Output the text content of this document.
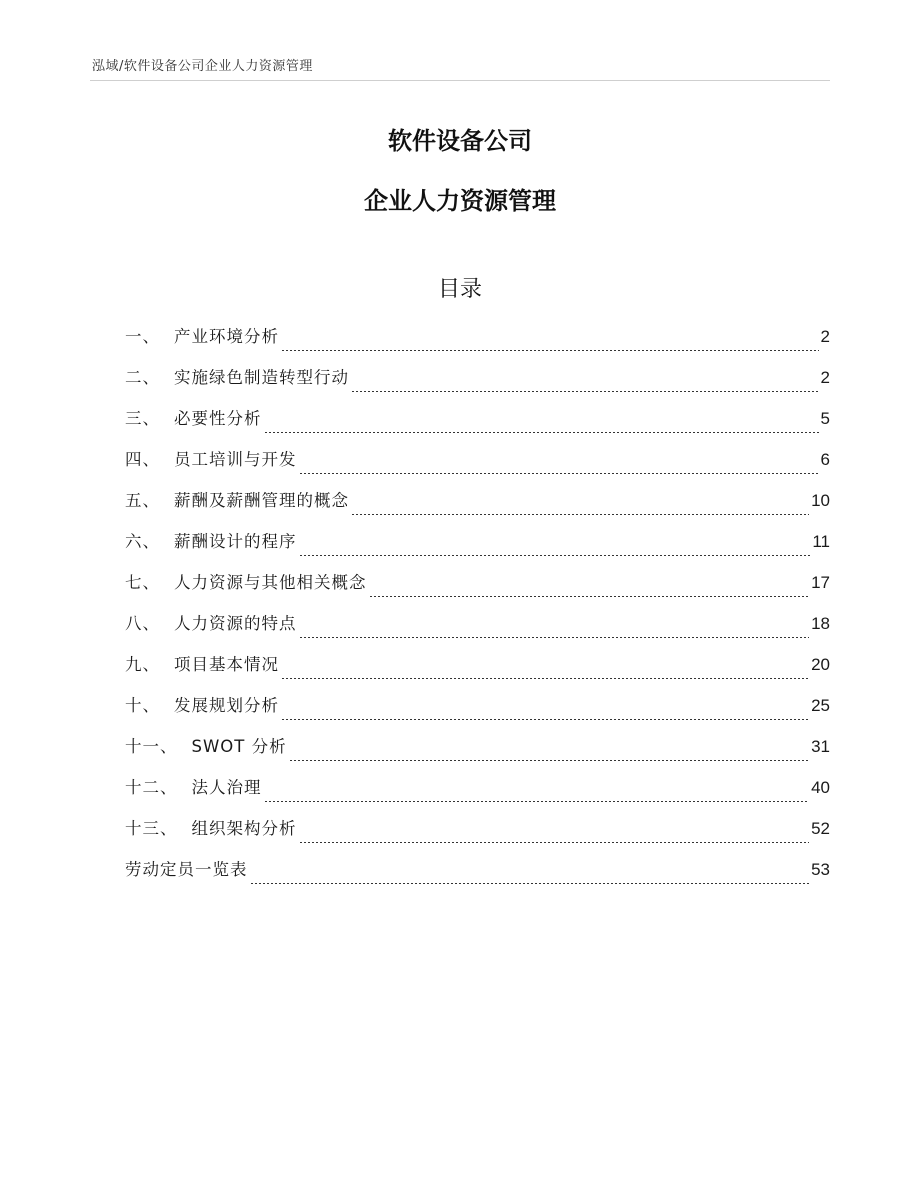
泓域/软件设备公司企业人力资源管理
软件设备公司
企业人力资源管理
目录
一、 产业环境分析	2
二、 实施绿色制造转型行动	2
三、 必要性分析	5
四、 员工培训与开发	6
五、 薪酬及薪酬管理的概念	10
六、 薪酬设计的程序	11
七、 人力资源与其他相关概念	17
八、 人力资源的特点	18
九、 项目基本情况	20
十、 发展规划分析	25
十一、 SWOT 分析	31
十二、 法人治理	40
十三、 组织架构分析	52
劳动定员一览表	53
